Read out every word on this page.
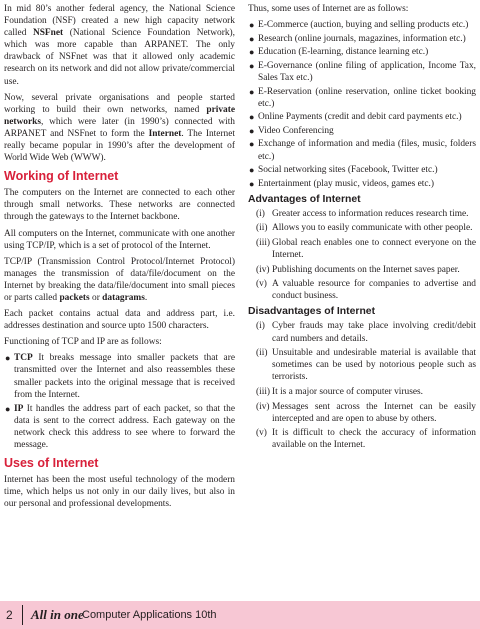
In mid 80’s another federal agency, the National Science Foundation (NSF) created a new high capacity network called NSFnet (National Science Foundation Network), which was more capable than ARPANET. The only drawback of NSFnet was that it allowed only academic research on its network and did not allow private/commercial use.

Now, several private organisations and people started working to build their own networks, named private networks, which were later (in 1990’s) connected with ARPANET and NSFnet to form the Internet. The Internet really became popular in 1990’s after the development of World Wide Web (WWW).

Working of Internet

The computers on the Internet are connected to each other through small networks. These networks are connected through the gateways to the Internet backbone.

All computers on the Internet, communicate with one another using TCP/IP, which is a set of protocol of the Internet.

TCP/IP (Transmission Control Protocol/Internet Protocol) manages the transmission of data/file/document on the Internet by breaking the data/file/document into small pieces or parts called packets or datagrams.

Each packet contains actual data and address part, i.e. addresses destination and source upto 1500 characters.

Functioning of TCP and IP are as follows:

● TCP It breaks message into smaller packets that are transmitted over the Internet and also reassembles these smaller packets into the original message that is received from the Internet.
● IP It handles the address part of each packet, so that the data is sent to the correct address. Each gateway on the network check this address to see where to forward the message.
Uses of Internet

Internet has been the most useful technology of the modern time, which helps us not only in our daily lives, but also in our personal and professional developments.

Thus, some uses of Internet are as follows:

● E-Commerce (auction, buying and selling products etc.)
● Research (online journals, magazines, information etc.)
● Education (E-learning, distance learning etc.)
● E-Governance (online filing of application, Income Tax, Sales Tax etc.)
● E-Reservation (online reservation, online ticket booking etc.)
● Online Payments (credit and debit card payments etc.)
● Video Conferencing
● Exchange of information and media (files, music, folders etc.)
● Social networking sites (Facebook, Twitter etc.)
● Entertainment (play music, videos, games etc.)
Advantages of Internet
(i) Greater access to information reduces research time.
(ii) Allows you to easily communicate with other people.
(iii) Global reach enables one to connect everyone on the Internet.
(iv) Publishing documents on the Internet saves paper.
(v) A valuable resource for companies to advertise and conduct business.
Disadvantages of Internet
(i) Cyber frauds may take place involving credit/debit card numbers and details.
(ii) Unsuitable and undesirable material is available that sometimes can be used by notorious people such as terrorists.
(iii) It is a major source of computer viruses.
(iv) Messages sent across the Internet can be easily intercepted and are open to abuse by others.
(v) It is difficult to check the accuracy of information available on the Internet.
2 All in one
Computer Applications 10th
